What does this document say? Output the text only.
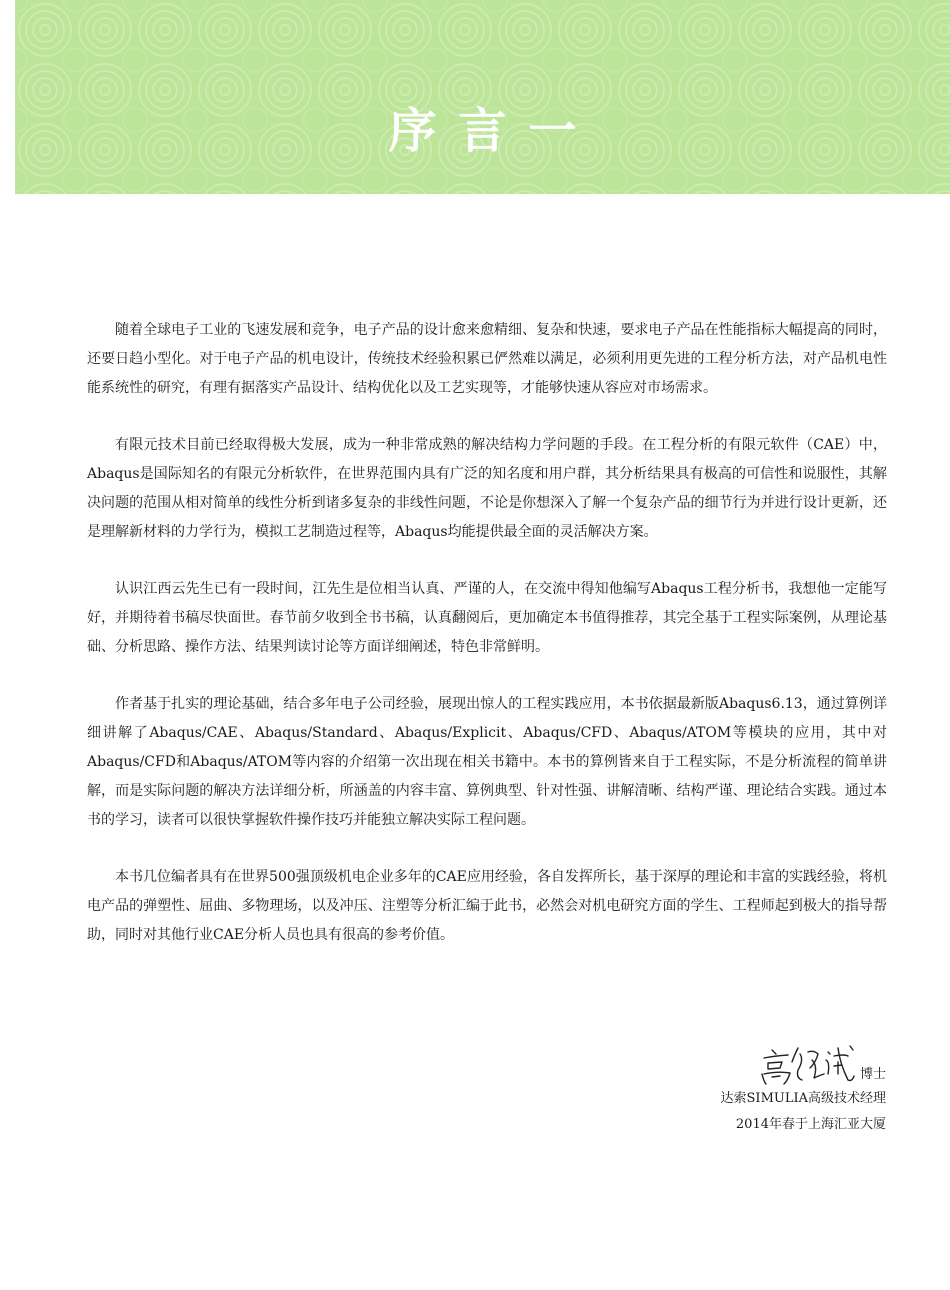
序言一

随着全球电子工业的飞速发展和竞争，电子产品的设计愈来愈精细、复杂和快速，要求电子产品在性能指标大幅提高的同时，还要日趋小型化。对于电子产品的机电设计，传统技术经验积累已俨然难以满足，必须利用更先进的工程分析方法，对产品机电性能系统性的研究，有理有据落实产品设计、结构优化以及工艺实现等，才能够快速从容应对市场需求。

有限元技术目前已经取得极大发展，成为一种非常成熟的解决结构力学问题的手段。在工程分析的有限元软件（CAE）中，Abaqus是国际知名的有限元分析软件，在世界范围内具有广泛的知名度和用户群，其分析结果具有极高的可信性和说服性，其解决问题的范围从相对简单的线性分析到诸多复杂的非线性问题，不论是你想深入了解一个复杂产品的细节行为并进行设计更新，还是理解新材料的力学行为，模拟工艺制造过程等，Abaqus均能提供最全面的灵活解决方案。

认识江西云先生已有一段时间，江先生是位相当认真、严谨的人，在交流中得知他编写Abaqus工程分析书，我想他一定能写好，并期待着书稿尽快面世。春节前夕收到全书书稿，认真翻阅后，更加确定本书值得推荐，其完全基于工程实际案例，从理论基础、分析思路、操作方法、结果判读讨论等方面详细阐述，特色非常鲜明。

作者基于扎实的理论基础，结合多年电子公司经验，展现出惊人的工程实践应用，本书依据最新版Abaqus6.13，通过算例详细讲解了Abaqus/CAE、Abaqus/Standard、Abaqus/Explicit、Abaqus/CFD、Abaqus/ATOM等模块的应用，其中对Abaqus/CFD和Abaqus/ATOM等内容的介绍第一次出现在相关书籍中。本书的算例皆来自于工程实际，不是分析流程的简单讲解，而是实际问题的解决方法详细分析，所涵盖的内容丰富、算例典型、针对性强、讲解清晰、结构严谨、理论结合实践。通过本书的学习，读者可以很快掌握软件操作技巧并能独立解决实际工程问题。

本书几位编者具有在世界500强顶级机电企业多年的CAE应用经验，各自发挥所长，基于深厚的理论和丰富的实践经验，将机电产品的弹塑性、屈曲、多物理场，以及冲压、注塑等分析汇编于此书，必然会对机电研究方面的学生、工程师起到极大的指导帮助，同时对其他行业CAE分析人员也具有很高的参考价值。

博士
达索SIMULIA高级技术经理
2014年春于上海汇亚大厦
